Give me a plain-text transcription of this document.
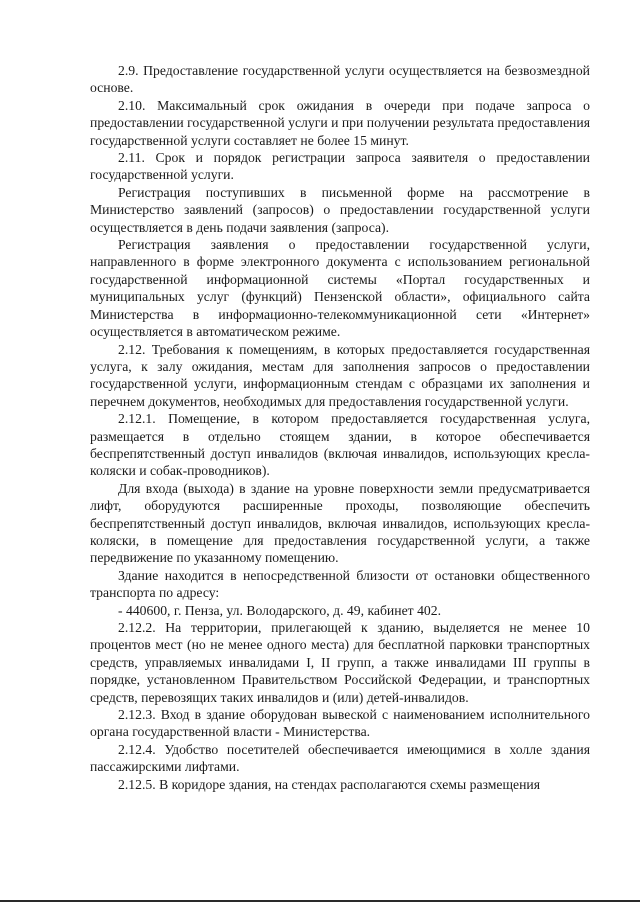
2.9. Предоставление государственной услуги осуществляется на безвозмездной основе.

2.10. Максимальный срок ожидания в очереди при подаче запроса о предоставлении государственной услуги и при получении результата предоставления государственной услуги составляет не более 15 минут.

2.11. Срок и порядок регистрации запроса заявителя о предоставлении государственной услуги.

Регистрация поступивших в письменной форме на рассмотрение в Министерство заявлений (запросов) о предоставлении государственной услуги осуществляется в день подачи заявления (запроса).

Регистрация заявления о предоставлении государственной услуги, направленного в форме электронного документа с использованием региональной государственной информационной системы «Портал государственных и муниципальных услуг (функций) Пензенской области», официального сайта Министерства в информационно-телекоммуникационной сети «Интернет» осуществляется в автоматическом режиме.

2.12. Требования к помещениям, в которых предоставляется государственная услуга, к залу ожидания, местам для заполнения запросов о предоставлении государственной услуги, информационным стендам с образцами их заполнения и перечнем документов, необходимых для предоставления государственной услуги.

2.12.1. Помещение, в котором предоставляется государственная услуга, размещается в отдельно стоящем здании, в которое обеспечивается беспрепятственный доступ инвалидов (включая инвалидов, использующих кресла-коляски и собак-проводников).

Для входа (выхода) в здание на уровне поверхности земли предусматривается лифт, оборудуются расширенные проходы, позволяющие обеспечить беспрепятственный доступ инвалидов, включая инвалидов, использующих кресла-коляски, в помещение для предоставления государственной услуги, а также передвижение по указанному помещению.

Здание находится в непосредственной близости от остановки общественного транспорта по адресу:

- 440600, г. Пенза, ул. Володарского, д. 49, кабинет 402.

2.12.2. На территории, прилегающей к зданию, выделяется не менее 10 процентов мест (но не менее одного места) для бесплатной парковки транспортных средств, управляемых инвалидами I, II групп, а также инвалидами III группы в порядке, установленном Правительством Российской Федерации, и транспортных средств, перевозящих таких инвалидов и (или) детей-инвалидов.

2.12.3. Вход в здание оборудован вывеской с наименованием исполнительного органа государственной власти - Министерства.

2.12.4. Удобство посетителей обеспечивается имеющимися в холле здания пассажирскими лифтами.

2.12.5. В коридоре здания, на стендах располагаются схемы размещения
